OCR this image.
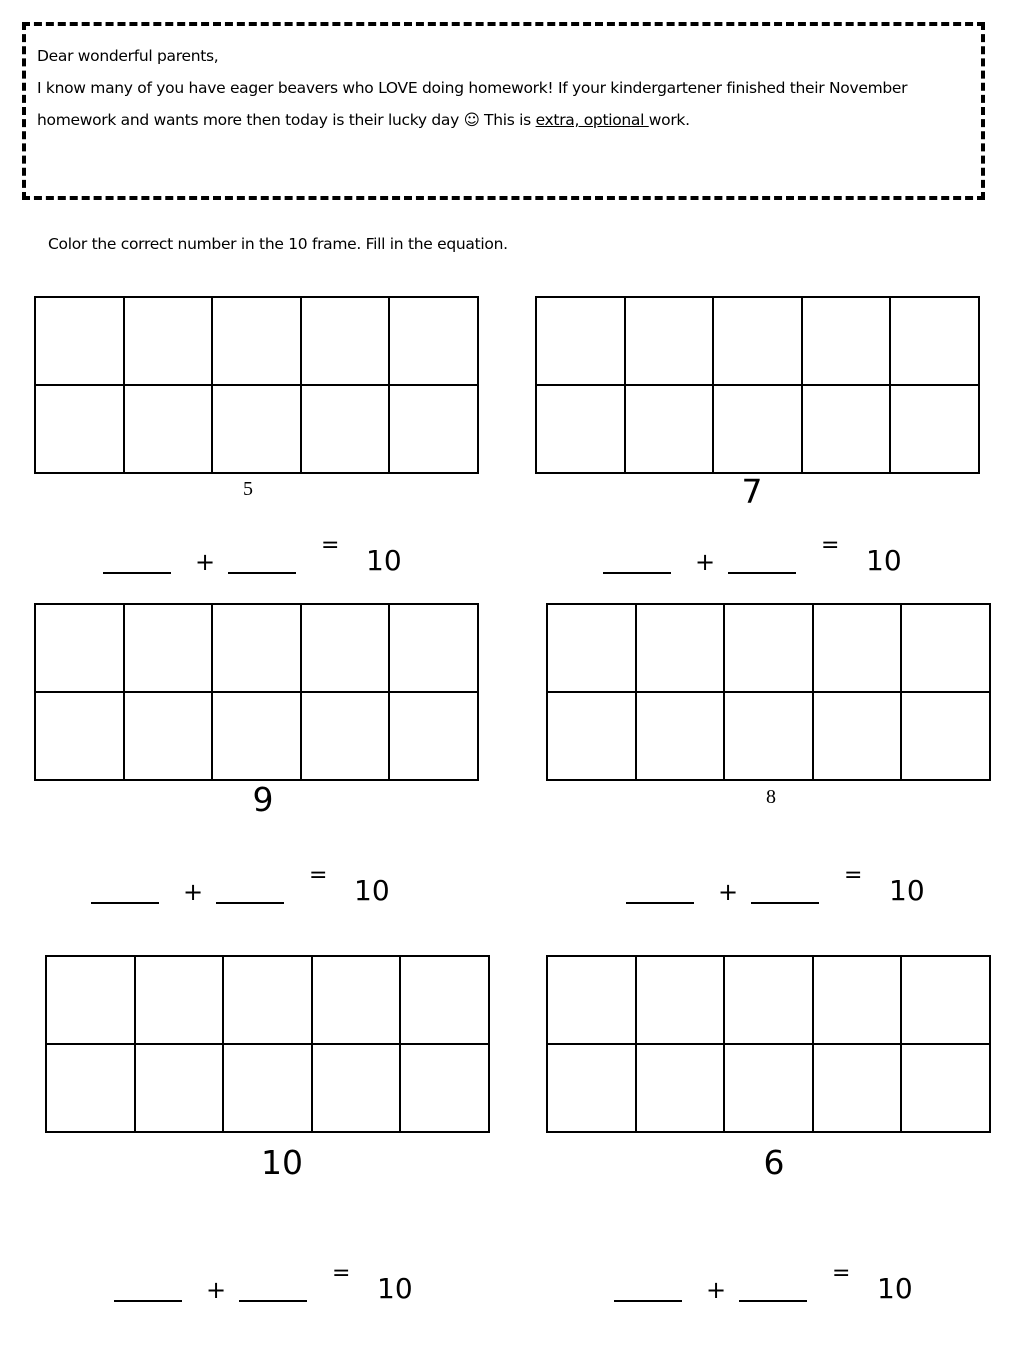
Dear wonderful parents,

I know many of you have eager beavers who LOVE doing homework! If your kindergartener finished their November

homework and wants more then today is their lucky day ☺ This is extra, optional work.

Color the correct number in the 10 frame. Fill in the equation.
5
+
= 10
7
+
= 10
9
+
= 10
8
+
= 10
10
+
= 10
6
+
= 10
